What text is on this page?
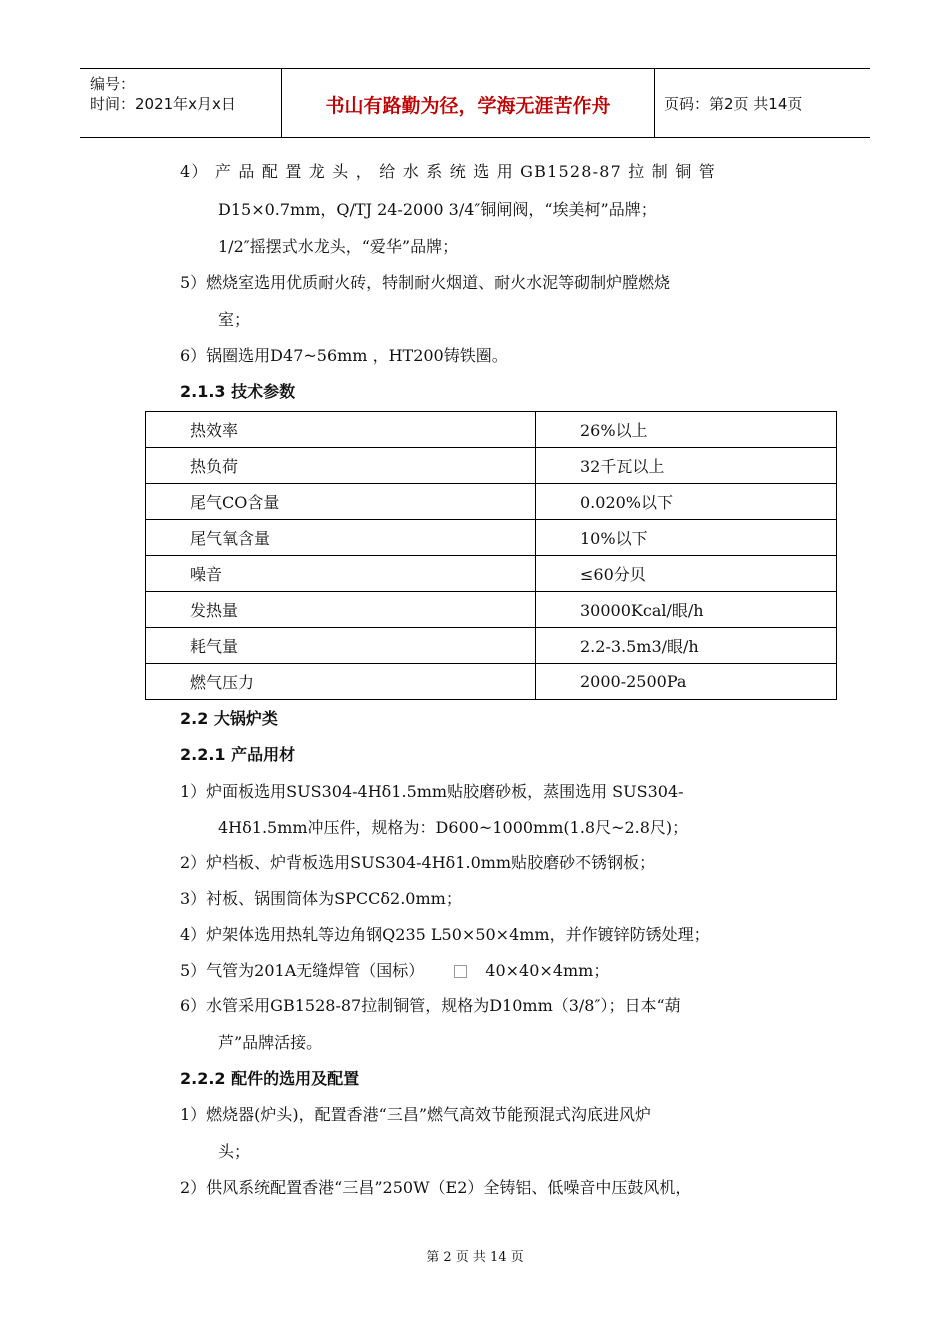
编号：
时间：2021年x月x日	书山有路勤为径，学海无涯苦作舟	页码：第2页 共14页
4） 产 品 配 置 龙 头 ， 给 水 系 统 选 用 GB1528-87 拉 制 铜 管
D15×0.7mm，Q/TJ 24-2000 3/4″铜闸阀，“埃美柯”品牌；
1/2″摇摆式水龙头，“爱华”品牌；
5）燃烧室选用优质耐火砖，特制耐火烟道、耐火水泥等砌制炉膛燃烧
室；
6）锅圈选用D47~56mm ，HT200铸铁圈。
2.1.3 技术参数
热效率	26%以上
热负荷	32千瓦以上
尾气CO含量	0.020%以下
尾气氧含量	10%以下
噪音	≤60分贝
发热量	30000Kcal/眼/h
耗气量	2.2-3.5m3/眼/h
燃气压力	2000-2500Pa
2.2 大锅炉类
2.2.1 产品用材
1）炉面板选用SUS304-4Hδ1.5mm贴胶磨砂板，蒸围选用 SUS304-
4Hδ1.5mm冲压件，规格为：D600~1000mm(1.8尺~2.8尺)；
2）炉档板、炉背板选用SUS304-4Hδ1.0mm贴胶磨砂不锈钢板；
3）衬板、锅围筒体为SPCCδ2.0mm；
4）炉架体选用热轧等边角钢Q235 L50×50×4mm，并作镀锌防锈处理；
5）气管为201A无缝焊管（国标）	40×40×4mm；
6）水管采用GB1528-87拉制铜管，规格为D10mm（3/8″）；日本“葫
芦”品牌活接。
2.2.2 配件的选用及配置
1）燃烧器(炉头)，配置香港“三昌”燃气高效节能预混式沟底进风炉
头；
2）供风系统配置香港“三昌”250W（E2）全铸铝、低噪音中压鼓风机，
第 2 页 共 14 页
